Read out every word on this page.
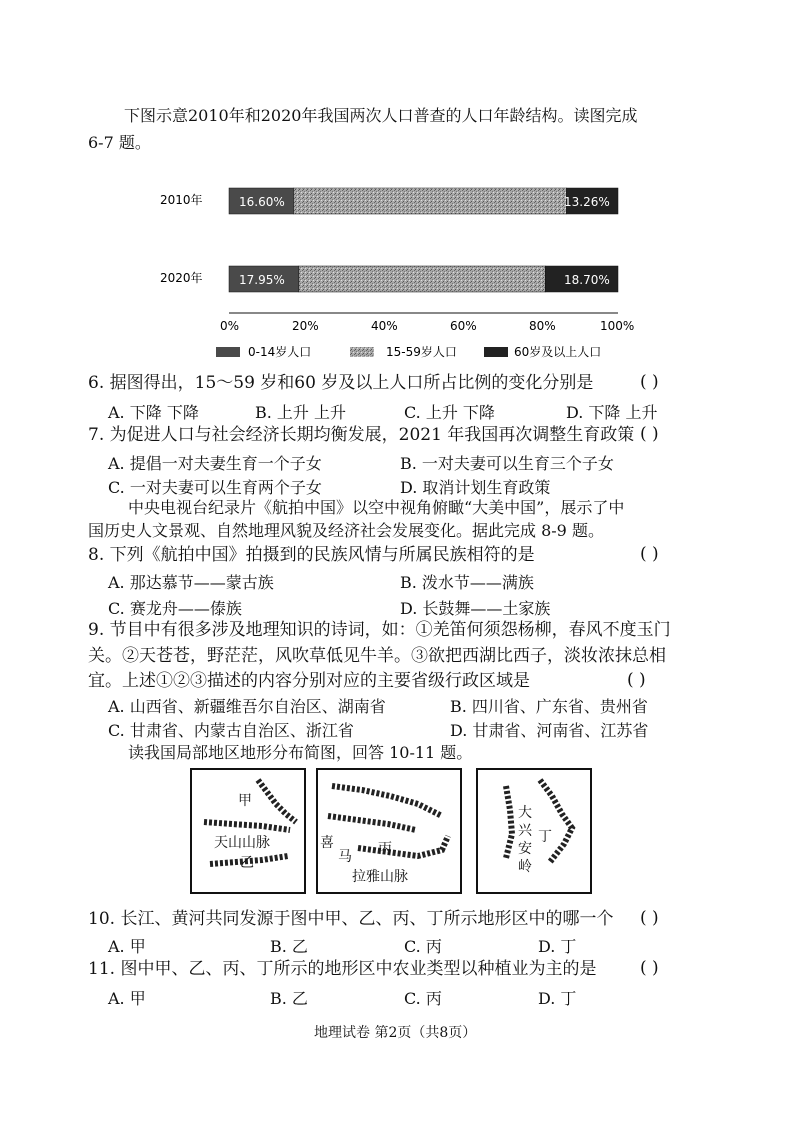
下图示意2010年和2020年我国两次人口普查的人口年龄结构。读图完成
6-7 题。
16.60%	13.26%
17.95%	18.70%
2010年
2020年
0%	20%	40%	60%	80%	100%
0-14岁人口	15-59岁人口	60岁及以上人口
6. 据图得出，15～59 岁和60 岁及以上人口所占比例的变化分别是	( )
A. 下降 下降	B. 上升 上升	C. 上升 下降	D. 下降 上升
7. 为促进人口与社会经济长期均衡发展，2021 年我国再次调整生育政策 ( )
A. 提倡一对夫妻生育一个子女	B. 一对夫妻可以生育三个子女
C. 一对夫妻可以生育两个子女	D. 取消计划生育政策
中央电视台纪录片《航拍中国》以空中视角俯瞰“大美中国”，展示了中
国历史人文景观、自然地理风貌及经济社会发展变化。据此完成 8-9 题。
8. 下列《航拍中国》拍摄到的民族风情与所属民族相符的是	( )
A. 那达慕节——蒙古族	B. 泼水节——满族
C. 赛龙舟——傣族	D. 长鼓舞——土家族
9. 节目中有很多涉及地理知识的诗词，如：①羌笛何须怨杨柳，春风不度玉门
关。②天苍苍，野茫茫，风吹草低见牛羊。③欲把西湖比西子，淡妆浓抹总相
宜。上述①②③描述的内容分别对应的主要省级行政区域是	( )
A. 山西省、新疆维吾尔自治区、湖南省	B. 四川省、广东省、贵州省
C. 甘肃省、内蒙古自治区、浙江省	D. 甘肃省、河南省、江苏省
读我国局部地区地形分布简图，回答 10-11 题。
甲
天山山脉
乙
喜
马 丙
拉雅山脉
大兴安岭
丁
10. 长江、黄河共同发源于图中甲、乙、丙、丁所示地形区中的哪一个 ( )
A. 甲	B. 乙	C. 丙	D. 丁
11. 图中甲、乙、丙、丁所示的地形区中农业类型以种植业为主的是	( )
A. 甲	B. 乙	C. 丙	D. 丁
地理试卷 第2页（共8页）
